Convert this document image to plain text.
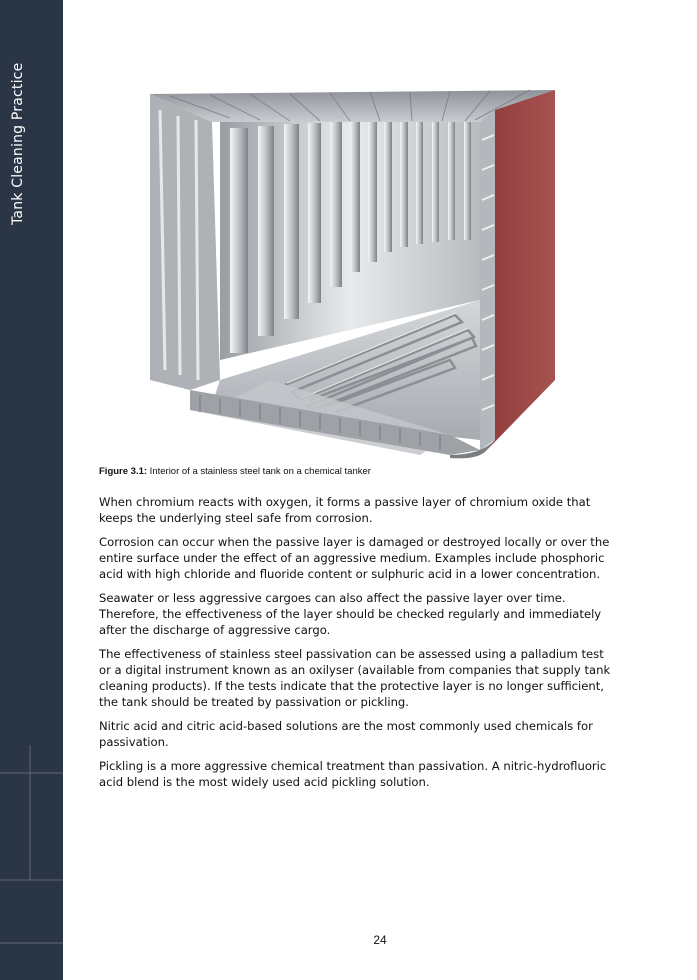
Tank Cleaning Practice
Figure 3.1: Interior of a stainless steel tank on a chemical tanker

When chromium reacts with oxygen, it forms a passive layer of chromium oxide that keeps the underlying steel safe from corrosion.

Corrosion can occur when the passive layer is damaged or destroyed locally or over the entire surface under the effect of an aggressive medium. Examples include phosphoric acid with high chloride and fluoride content or sulphuric acid in a lower concentration.

Seawater or less aggressive cargoes can also affect the passive layer over time. Therefore, the effectiveness of the layer should be checked regularly and immediately after the discharge of aggressive cargo.

The effectiveness of stainless steel passivation can be assessed using a palladium test or a digital instrument known as an oxilyser (available from companies that supply tank cleaning products). If the tests indicate that the protective layer is no longer sufficient, the tank should be treated by passivation or pickling.

Nitric acid and citric acid-based solutions are the most commonly used chemicals for passivation.

Pickling is a more aggressive chemical treatment than passivation. A nitric-hydrofluoric acid blend is the most widely used acid pickling solution.

24
